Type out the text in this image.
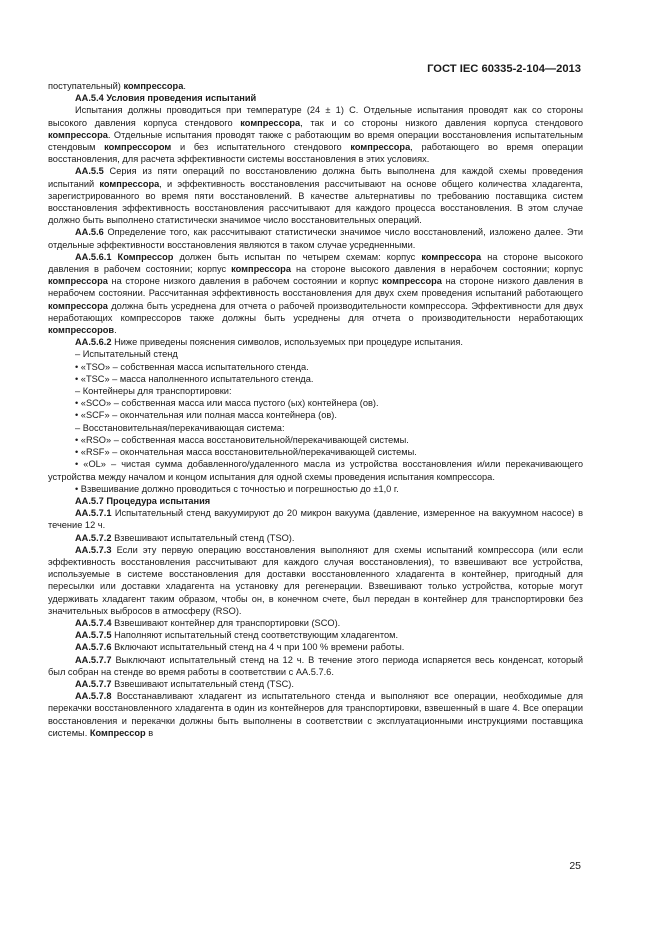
ГОСТ IEC 60335-2-104—2013

поступательный) компрессора.

АА.5.4 Условия проведения испытаний

Испытания должны проводиться при температуре (24 ± 1) С. Отдельные испытания проводят как со стороны высокого давления корпуса стендового компрессора, так и со стороны низкого давления корпуса стендового компрессора. Отдельные испытания проводят также с работающим во время операции восстановления испытательным стендовым компрессором и без испытательного стендового компрессора, работающего во время операции восстановления, для расчета эффективности системы восстановления в этих условиях.

АА.5.5 Серия из пяти операций по восстановлению должна быть выполнена для каждой схемы проведения испытаний компрессора, и эффективность восстановления рассчитывают на основе общего количества хладагента, зарегистрированного во время пяти восстановлений. В качестве альтернативы по требованию поставщика систем восстановления эффективность восстановления рассчитывают для каждого процесса восстановления. В этом случае должно быть выполнено статистически значимое число восстановительных операций.

АА.5.6 Определение того, как рассчитывают статистически значимое число восстановлений, изложено далее. Эти отдельные эффективности восстановления являются в таком случае усредненными.

АА.5.6.1 Компрессор должен быть испытан по четырем схемам: корпус компрессора на стороне высокого давления в рабочем состоянии; корпус компрессора на стороне высокого давления в нерабочем состоянии; корпус компрессора на стороне низкого давления в рабочем состоянии и корпус компрессора на стороне низкого давления в нерабочем состоянии. Рассчитанная эффективность восстановления для двух схем проведения испытаний работающего компрессора должна быть усреднена для отчета о рабочей производительности компрессора. Эффективности для двух неработающих компрессоров также должны быть усреднены для отчета о производительности неработающих компрессоров.

АА.5.6.2 Ниже приведены пояснения символов, используемых при процедуре испытания.

– Испытательный стенд

• «TSO» – собственная масса испытательного стенда.

• «TSC» – масса наполненного испытательного стенда.

– Контейнеры для транспортировки:

• «SCO» – собственная масса или масса пустого (ых) контейнера (ов).

• «SCF» – окончательная или полная масса контейнера (ов).

– Восстановительная/перекачивающая система:

• «RSO» – собственная масса восстановительной/перекачивающей системы.

• «RSF» – окончательная масса восстановительной/перекачивающей системы.

• «OL» – чистая сумма добавленного/удаленного масла из устройства восстановления и/или перекачивающего устройства между началом и концом испытания для одной схемы проведения испытания компрессора.

• Взвешивание должно проводиться с точностью и погрешностью до ±1,0 г.

АА.5.7 Процедура испытания

АА.5.7.1 Испытательный стенд вакуумируют до 20 микрон вакуума (давление, измеренное на вакуумном насосе) в течение 12 ч.

АА.5.7.2 Взвешивают испытательный стенд (TSO).

АА.5.7.3 Если эту первую операцию восстановления выполняют для схемы испытаний компрессора (или если эффективность восстановления рассчитывают для каждого случая восстановления), то взвешивают все устройства, используемые в системе восстановления для доставки восстановленного хладагента в контейнер, пригодный для пересылки или доставки хладагента на установку для регенерации. Взвешивают только устройства, которые могут удерживать хладагент таким образом, чтобы он, в конечном счете, был передан в контейнер для транспортировки без значительных выбросов в атмосферу (RSO).

АА.5.7.4 Взвешивают контейнер для транспортировки (SCO).

АА.5.7.5 Наполняют испытательный стенд соответствующим хладагентом.

АА.5.7.6 Включают испытательный стенд на 4 ч при 100 % времени работы.

АА.5.7.7 Выключают испытательный стенд на 12 ч. В течение этого периода испаряется весь конденсат, который был собран на стенде во время работы в соответствии с АА.5.7.6.

АА.5.7.7 Взвешивают испытательный стенд (TSC).

АА.5.7.8 Восстанавливают хладагент из испытательного стенда и выполняют все операции, необходимые для перекачки восстановленного хладагента в один из контейнеров для транспортировки, взвешенный в шаге 4. Все операции восстановления и перекачки должны быть выполнены в соответствии с эксплуатационными инструкциями поставщика системы. Компрессор в

25
